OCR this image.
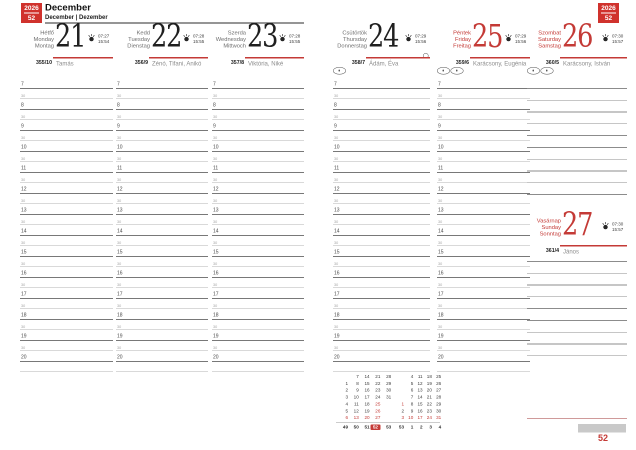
2026
52
December
December | Dezember
2026
52
52
Hétfő
Monday
Montag 21 07:27
15:54
355/10 Tamás
7
30
8
30
9
30
10
30
11
30
12
30
13
30
14
30
15
30
16
30
17
30
18
30
19
30
20
Kedd
Tuesday
Dienstag 22 07:28
15:55
356/9 Zénó, Tifani, Anikó
7
30
8
30
9
30
10
30
11
30
12
30
13
30
14
30
15
30
16
30
17
30
18
30
19
30
20
Szerda
Wednesday
Mittwoch 23 07:28
15:55
357/8 Viktória, Niké
7
30
8
30
9
30
10
30
11
30
12
30
13
30
14
30
15
30
16
30
17
30
18
30
19
30
20
Csütörtök
Thursday
Donnerstag 24 07:29
15:56
358/7 Ádám, Éva
7
30
8
30
9
30
10
30
11
30
12
30
13
30
14
30
15
30
16
30
17
30
18
30
19
30
20
Péntek
Friday
Freitag 25 07:29
15:56
359/6 Karácsony, Eugénia
7
30
8
30
9
30
10
30
11
30
12
30
13
30
14
30
15
30
16
30
17
30
18
30
19
30
20
Szombat
Saturday
Samstag 26 07:30
15:57
360/5 Karácsony, István
Vasárnap
Sunday
Sonntag 27 07:30
15:57
361/4 János
7 14 21 28
1 8 15 22 29
2 9 16 23 30
3 10 17 24 31
4 11 18 25
5 12 19 26
6 13 20 27
49 50 51 52 53
4 11 18 25
5 12 19 26
6 13 20 27
7 14 21 28
1 8 15 22 29
2 9 16 23 30
3 10 17 24 31
53 1 2 3 4
